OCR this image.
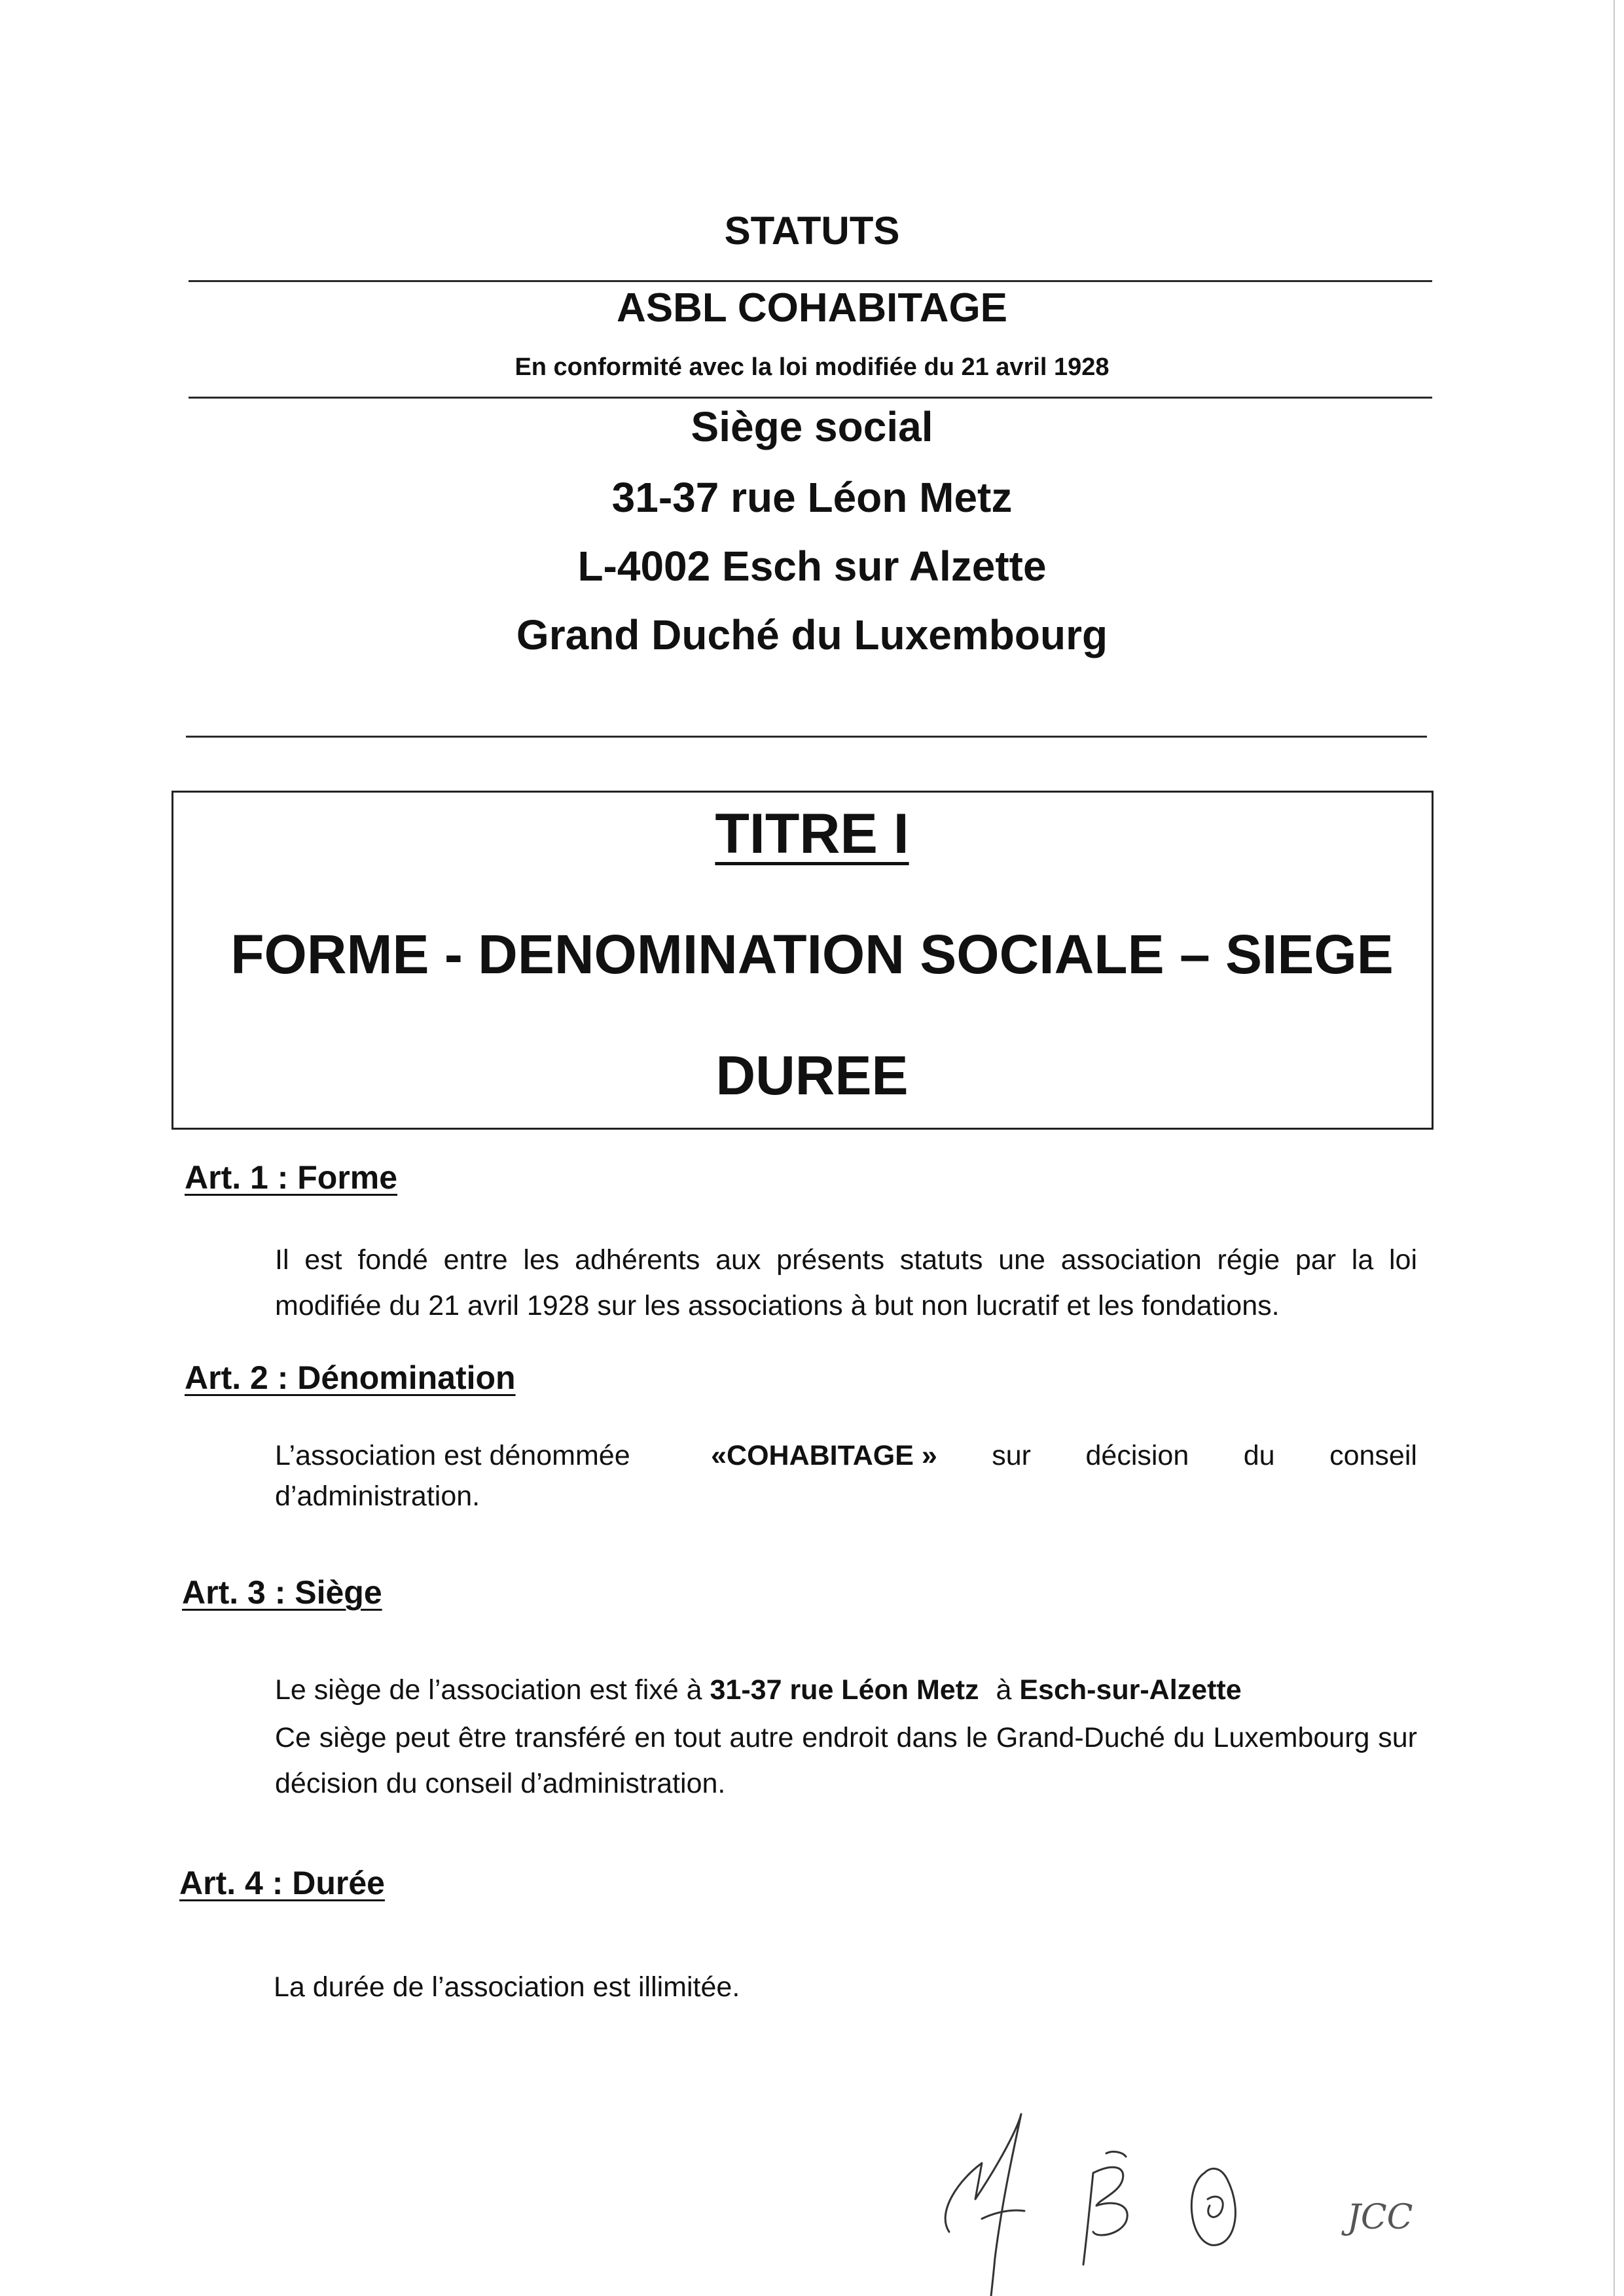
STATUTS
ASBL COHABITAGE
En conformité avec la loi modifiée du 21 avril 1928
Siège social
31-37 rue Léon Metz
L-4002 Esch sur Alzette
Grand Duché du Luxembourg
TITRE I
FORME - DENOMINATION SOCIALE – SIEGE
DUREE
Art. 1 : Forme
Il est fondé entre les adhérents aux présents statuts une association régie par la loi modifiée du 21 avril 1928 sur les associations à but non lucratif et les fondations.
Art. 2 : Dénomination
L’association est dénommée	«COHABITAGE » sur décision du conseil
d’administration.
Art. 3 : Siège
Le siège de l’association est fixé à 31-37 rue Léon Metz à Esch-sur-Alzette
Ce siège peut être transféré en tout autre endroit dans le Grand-Duché du Luxembourg sur décision du conseil d’administration.
Art. 4 : Durée
La durée de l’association est illimitée.
JCC
